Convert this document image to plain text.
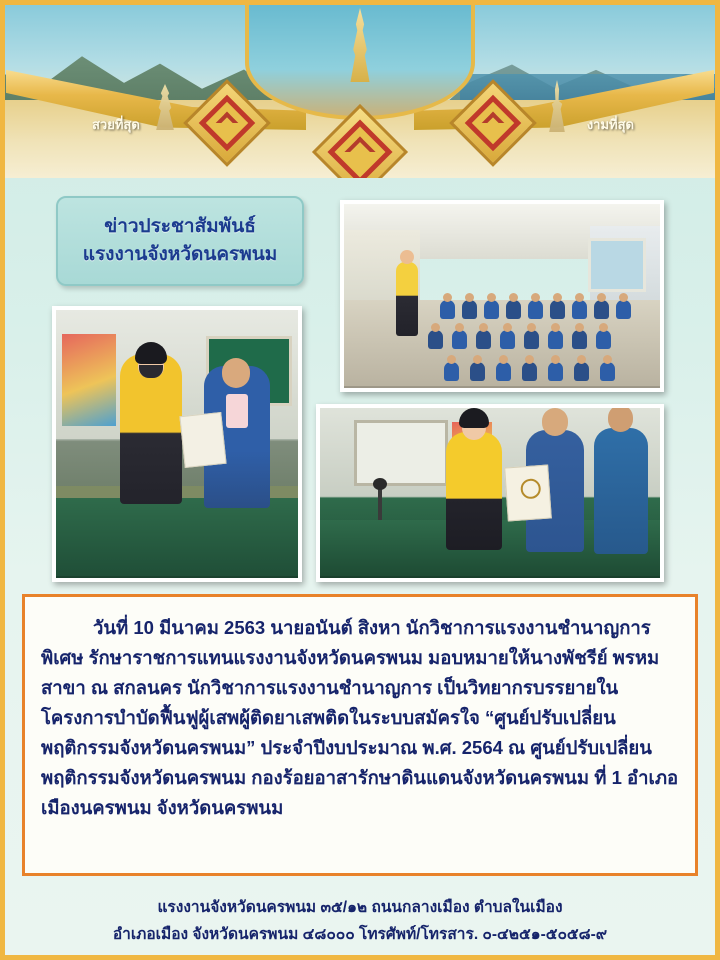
สวยที่สุด	งามที่สุด
ข่าวประชาสัมพันธ์
แรงงานจังหวัดนครพนม

วันที่ 10 มีนาคม 2563 นายอนันต์ สิงหา นักวิชาการแรงงานชำนาญการพิเศษ รักษาราชการแทนแรงงานจังหวัดนครพนม มอบหมายให้นางพัชรีย์ พรหมสาขา ณ สกลนคร นักวิชาการแรงงานชำนาญการ เป็นวิทยากรบรรยายในโครงการบำบัดฟื้นฟูผู้เสพผู้ติดยาเสพติดในระบบสมัครใจ “ศูนย์ปรับเปลี่ยนพฤติกรรมจังหวัดนครพนม” ประจำปีงบประมาณ พ.ศ. 2564 ณ ศูนย์ปรับเปลี่ยนพฤติกรรมจังหวัดนครพนม กองร้อยอาสารักษาดินแดนจังหวัดนครพนม ที่ 1 อำเภอเมืองนครพนม จังหวัดนครพนม

แรงงานจังหวัดนครพนม ๓๕/๑๒ ถนนกลางเมือง ตำบลในเมือง
อำเภอเมือง จังหวัดนครพนม ๔๘๐๐๐ โทรศัพท์/โทรสาร. ๐-๔๒๕๑-๕๐๕๘-๙
